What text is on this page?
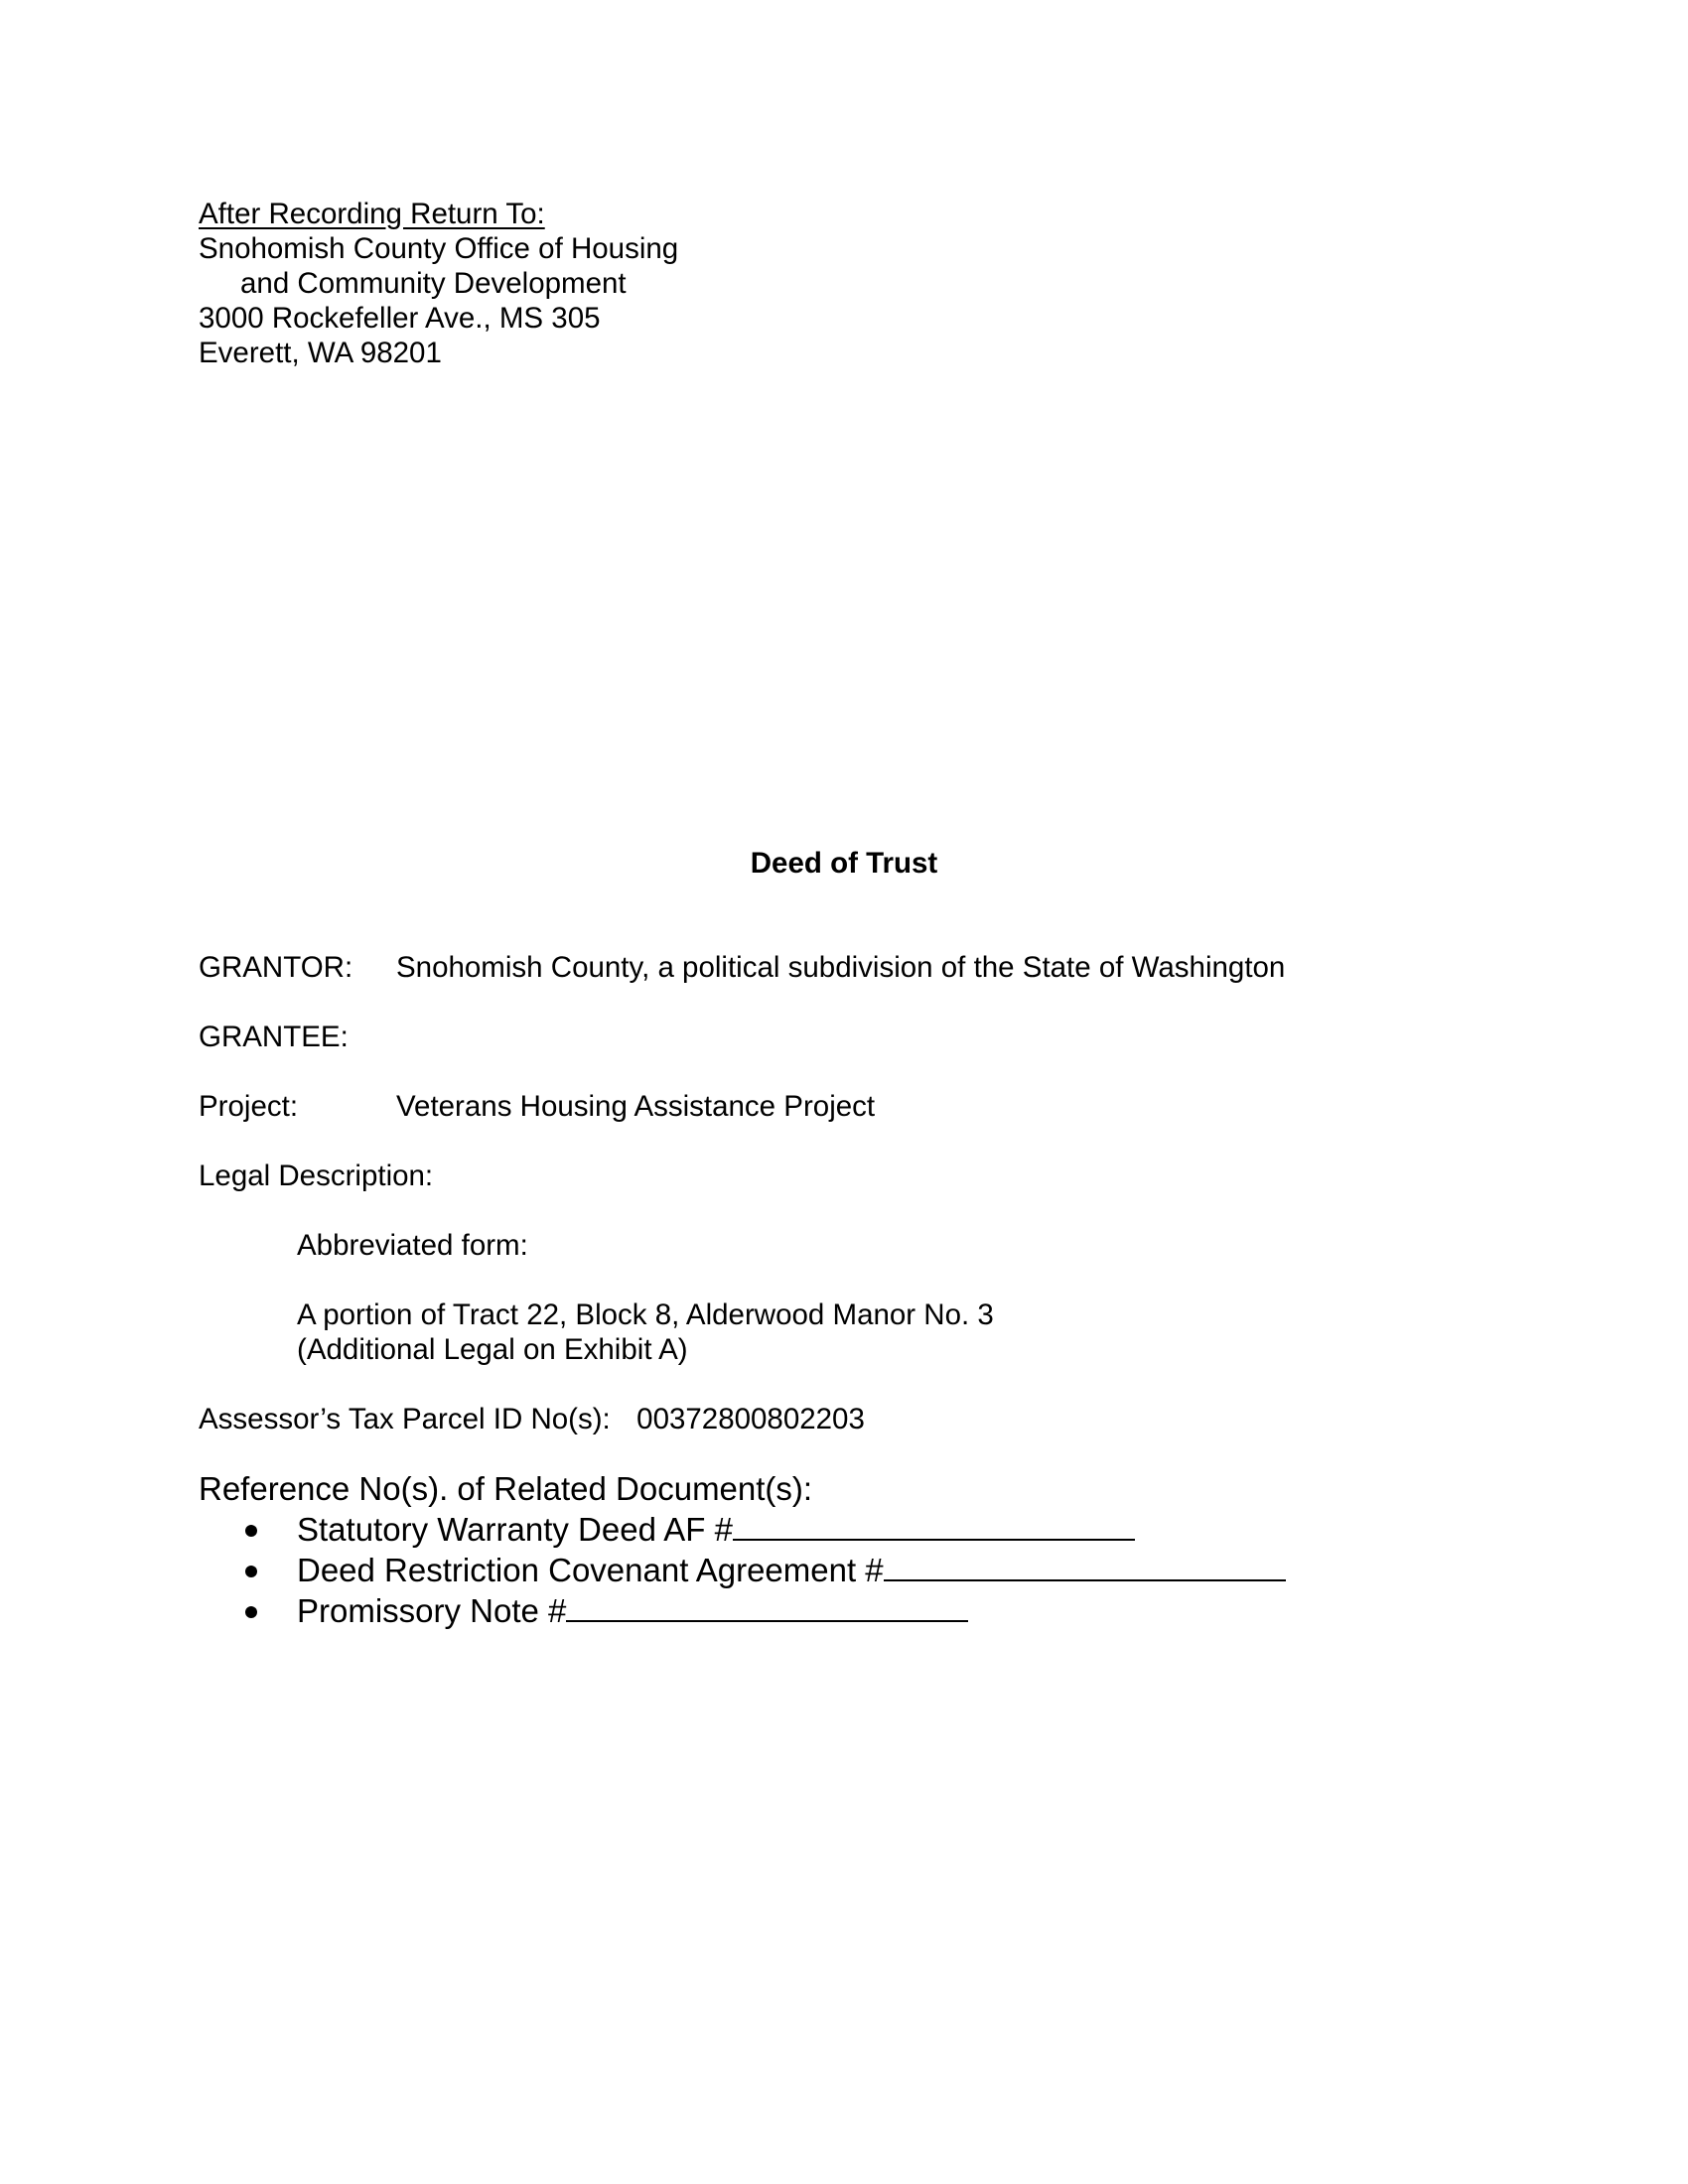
After Recording Return To:
Snohomish County Office of Housing
and Community Development
3000 Rockefeller Ave., MS 305
Everett, WA 98201
Deed of Trust
GRANTOR: Snohomish County, a political subdivision of the State of Washington
GRANTEE:
Project:	Veterans Housing Assistance Project
Legal Description:
Abbreviated form:
A portion of Tract 22, Block 8, Alderwood Manor No. 3
(Additional Legal on Exhibit A)
Assessor’s Tax Parcel ID No(s): 00372800802203
Reference No(s). of Related Document(s):
Statutory Warranty Deed AF #
Deed Restriction Covenant Agreement #
Promissory Note #
